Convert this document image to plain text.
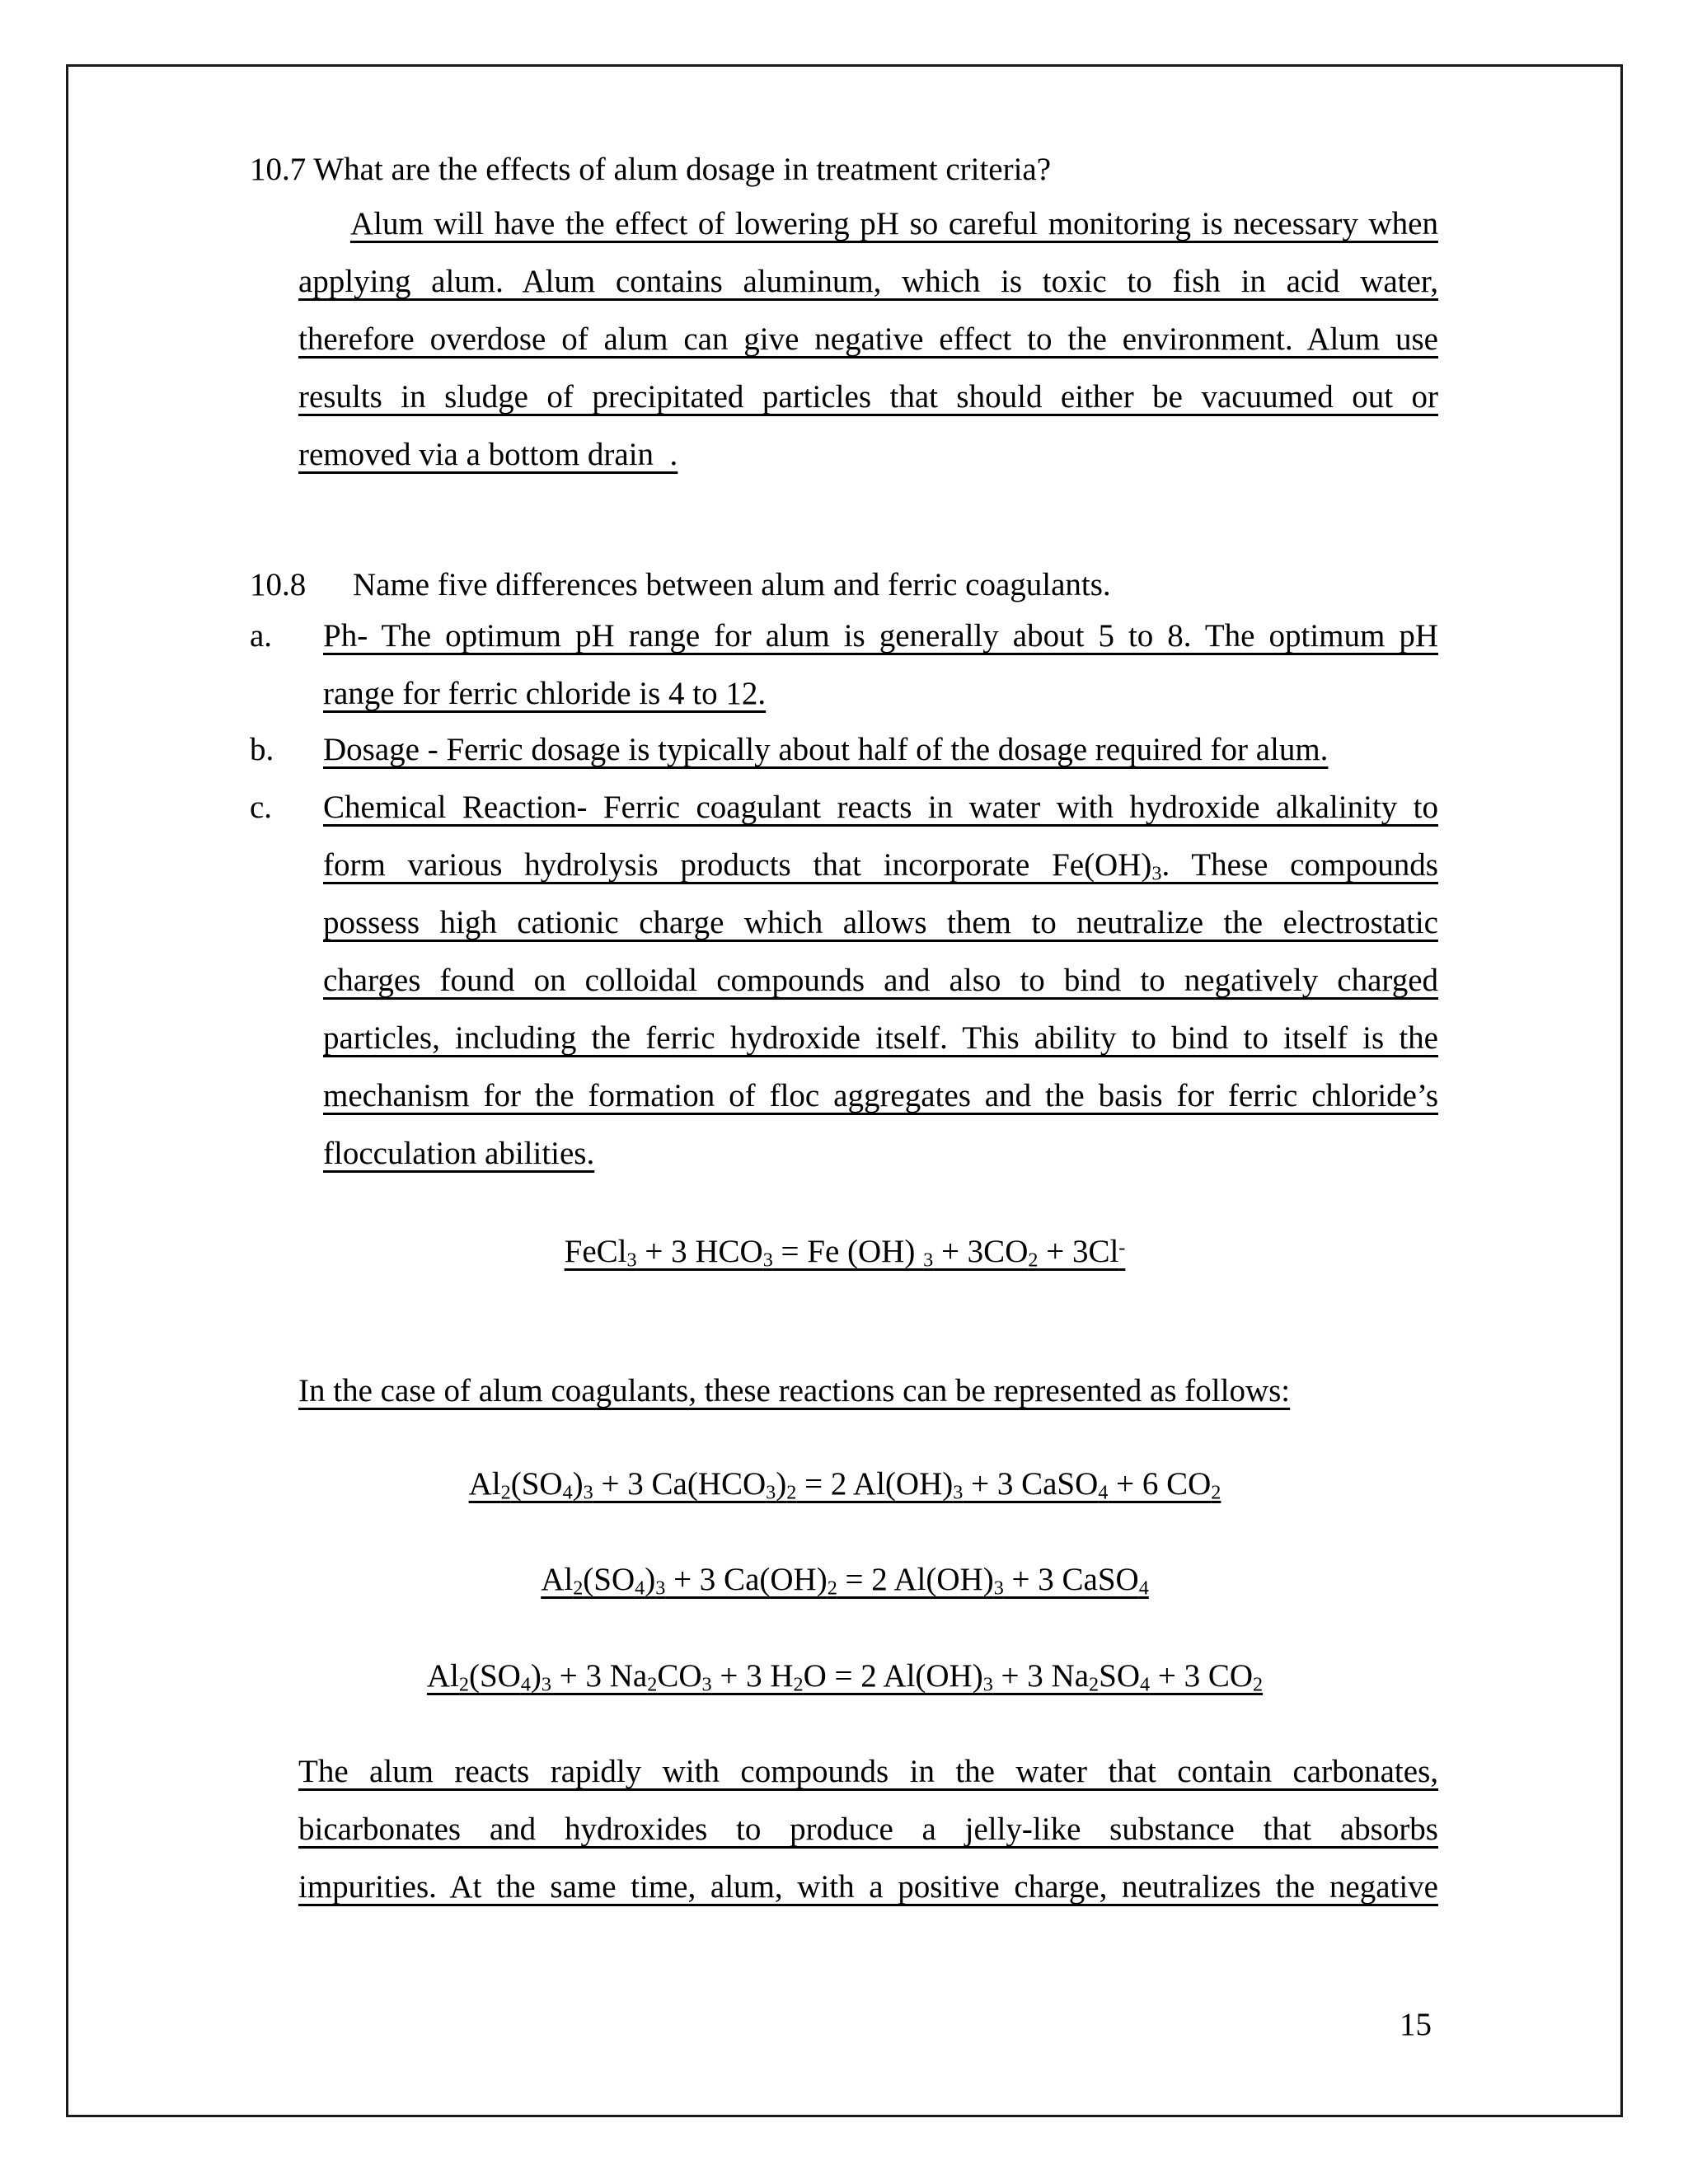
10.7 What are the effects of alum dosage in treatment criteria?
Alum will have the effect of lowering pH so careful monitoring is necessary when
applying alum. Alum contains aluminum, which is toxic to fish in acid water,
therefore overdose of alum can give negative effect to the environment. Alum use
results in sludge of precipitated particles that should either be vacuumed out or
removed via a bottom drain  .
10.8 Name five differences between alum and ferric coagulants.
a. Ph- The optimum pH range for alum is generally about 5 to 8. The optimum pH
range for ferric chloride is 4 to 12.
b. Dosage - Ferric dosage is typically about half of the dosage required for alum.
c. Chemical Reaction- Ferric coagulant reacts in water with hydroxide alkalinity to
form various hydrolysis products that incorporate $Fe(OH)_3$. These compounds
possess high cationic charge which allows them to neutralize the electrostatic
charges found on colloidal compounds and also to bind to negatively charged
particles, including the ferric hydroxide itself. This ability to bind to itself is the
mechanism for the formation of floc aggregates and the basis for ferric chloride’s
flocculation abilities.
FeCl$_3$ + 3 $HCO_3 = Fe$ (OH) $_3 + 3CO_2 + 3Cl^-$
In the case of alum coagulants, these reactions can be represented as follows:
$Al_2(SO_4)_3 + 3$ $Ca(HCO_3)_2 = 2$ $Al(OH)_3 + 3$ CaSO$_4$ + 6 $CO_2$
$Al_2(SO_4)_3 + 3$ $Ca(OH)_2 = 2$ $Al(OH)_3 + 3$ CaSO$_4$
$Al_2(SO_4)_3 + 3$ $Na_2CO_3 + 3$ $H_2O = 2$ $Al(OH)_3 + 3$ $Na_2SO_4 + 3$ $CO_2$
The alum reacts rapidly with compounds in the water that contain carbonates,
bicarbonates and hydroxides to produce a jelly-like substance that absorbs
impurities. At the same time, alum, with a positive charge, neutralizes the negative
15
